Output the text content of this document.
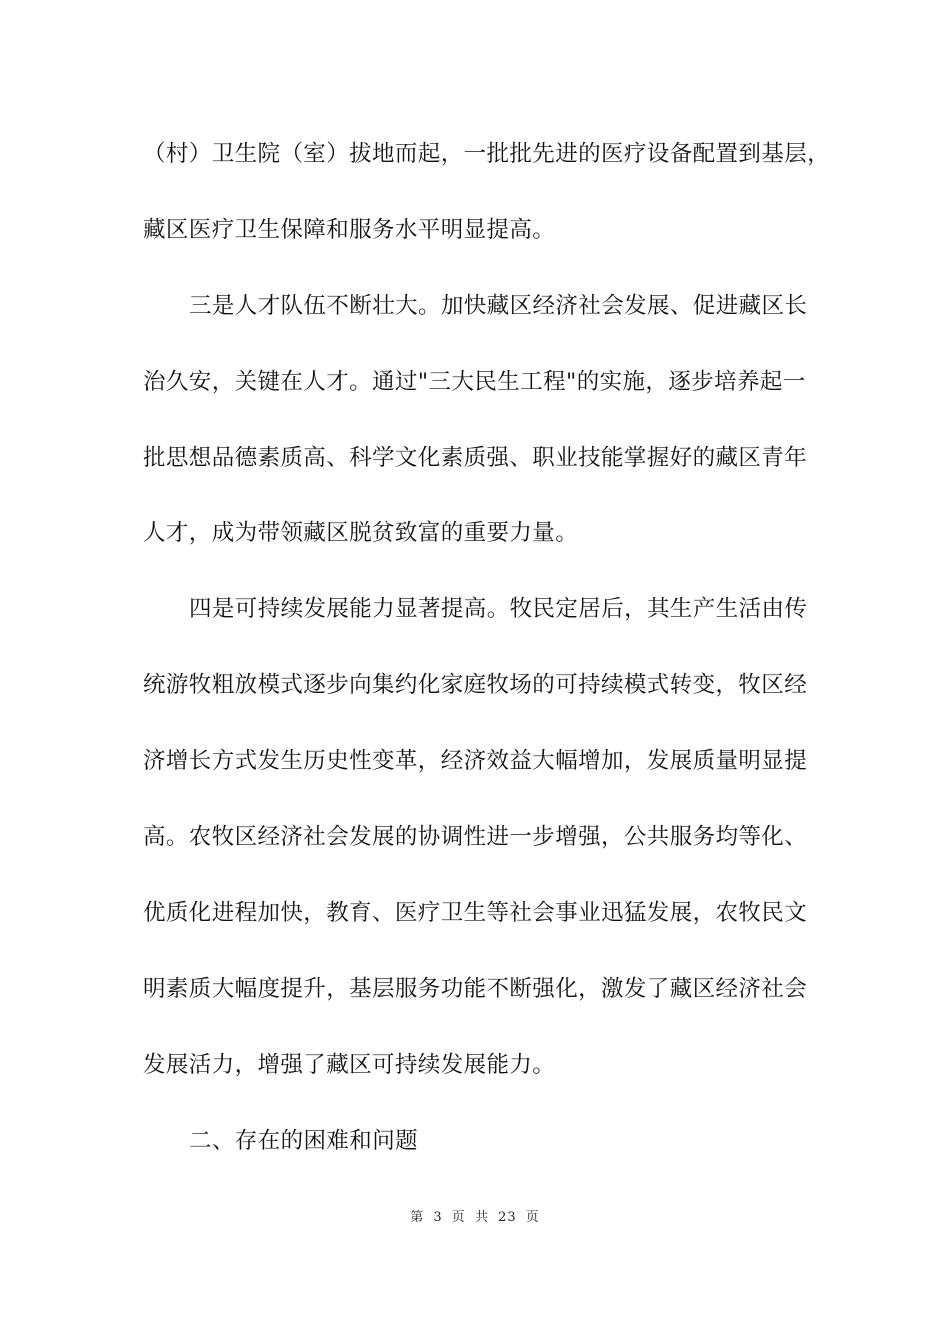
（村）卫生院（室）拔地而起，一批批先进的医疗设备配置到基层，
藏区医疗卫生保障和服务水平明显提高。
三是人才队伍不断壮大。加快藏区经济社会发展、促进藏区长
治久安，关键在人才。通过"三大民生工程"的实施，逐步培养起一
批思想品德素质高、科学文化素质强、职业技能掌握好的藏区青年
人才，成为带领藏区脱贫致富的重要力量。
四是可持续发展能力显著提高。牧民定居后，其生产生活由传
统游牧粗放模式逐步向集约化家庭牧场的可持续模式转变，牧区经
济增长方式发生历史性变革，经济效益大幅增加，发展质量明显提
高。农牧区经济社会发展的协调性进一步增强，公共服务均等化、
优质化进程加快，教育、医疗卫生等社会事业迅猛发展，农牧民文
明素质大幅度提升，基层服务功能不断强化，激发了藏区经济社会
发展活力，增强了藏区可持续发展能力。
二、存在的困难和问题
第 3 页 共 23 页
